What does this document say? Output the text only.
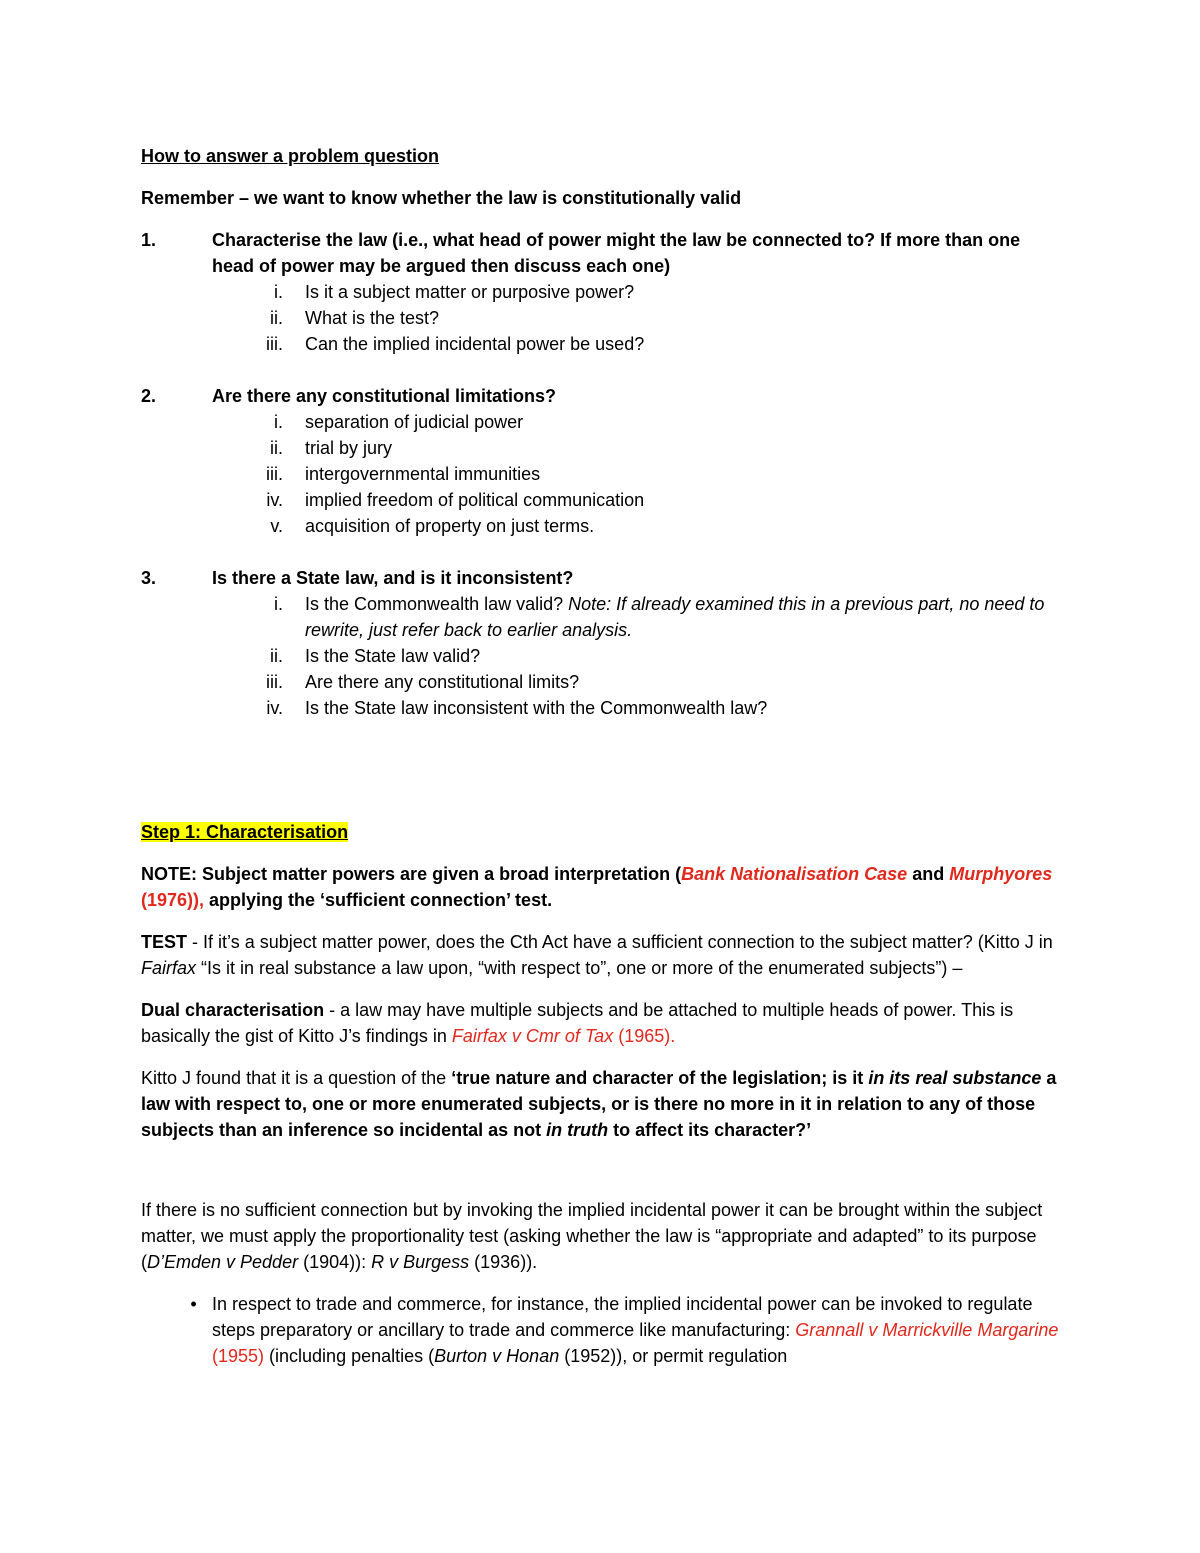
How to answer a problem question

Remember – we want to know whether the law is constitutionally valid

1.	Characterise the law (i.e., what head of power might the law be connected to? If more than one head of power may be argued then discuss each one)
i.	Is it a subject matter or purposive power?
ii.	What is the test?
iii.	Can the implied incidental power be used?
2.	Are there any constitutional limitations?
i.	separation of judicial power
ii.	trial by jury
iii.	intergovernmental immunities
iv.	implied freedom of political communication
v.	acquisition of property on just terms.
3.	Is there a State law, and is it inconsistent?
i.	Is the Commonwealth law valid? Note: If already examined this in a previous part, no need to rewrite, just refer back to earlier analysis.
ii.	Is the State law valid?
iii.	Are there any constitutional limits?
iv.	Is the State law inconsistent with the Commonwealth law?

Step 1: Characterisation

NOTE: Subject matter powers are given a broad interpretation (Bank Nationalisation Case and Murphyores (1976)), applying the ‘sufficient connection’ test.

TEST - If it’s a subject matter power, does the Cth Act have a sufficient connection to the subject matter? (Kitto J in Fairfax “Is it in real substance a law upon, “with respect to”, one or more of the enumerated subjects”) –

Dual characterisation - a law may have multiple subjects and be attached to multiple heads of power. This is basically the gist of Kitto J’s findings in Fairfax v Cmr of Tax (1965).

Kitto J found that it is a question of the ‘true nature and character of the legislation; is it in its real substance a law with respect to, one or more enumerated subjects, or is there no more in it in relation to any of those subjects than an inference so incidental as not in truth to affect its character?’

If there is no sufficient connection but by invoking the implied incidental power it can be brought within the subject matter, we must apply the proportionality test (asking whether the law is “appropriate and adapted” to its purpose (D’Emden v Pedder (1904)): R v Burgess (1936)).

• In respect to trade and commerce, for instance, the implied incidental power can be invoked to regulate steps preparatory or ancillary to trade and commerce like manufacturing: Grannall v Marrickville Margarine (1955) (including penalties (Burton v Honan (1952)), or permit regulation
